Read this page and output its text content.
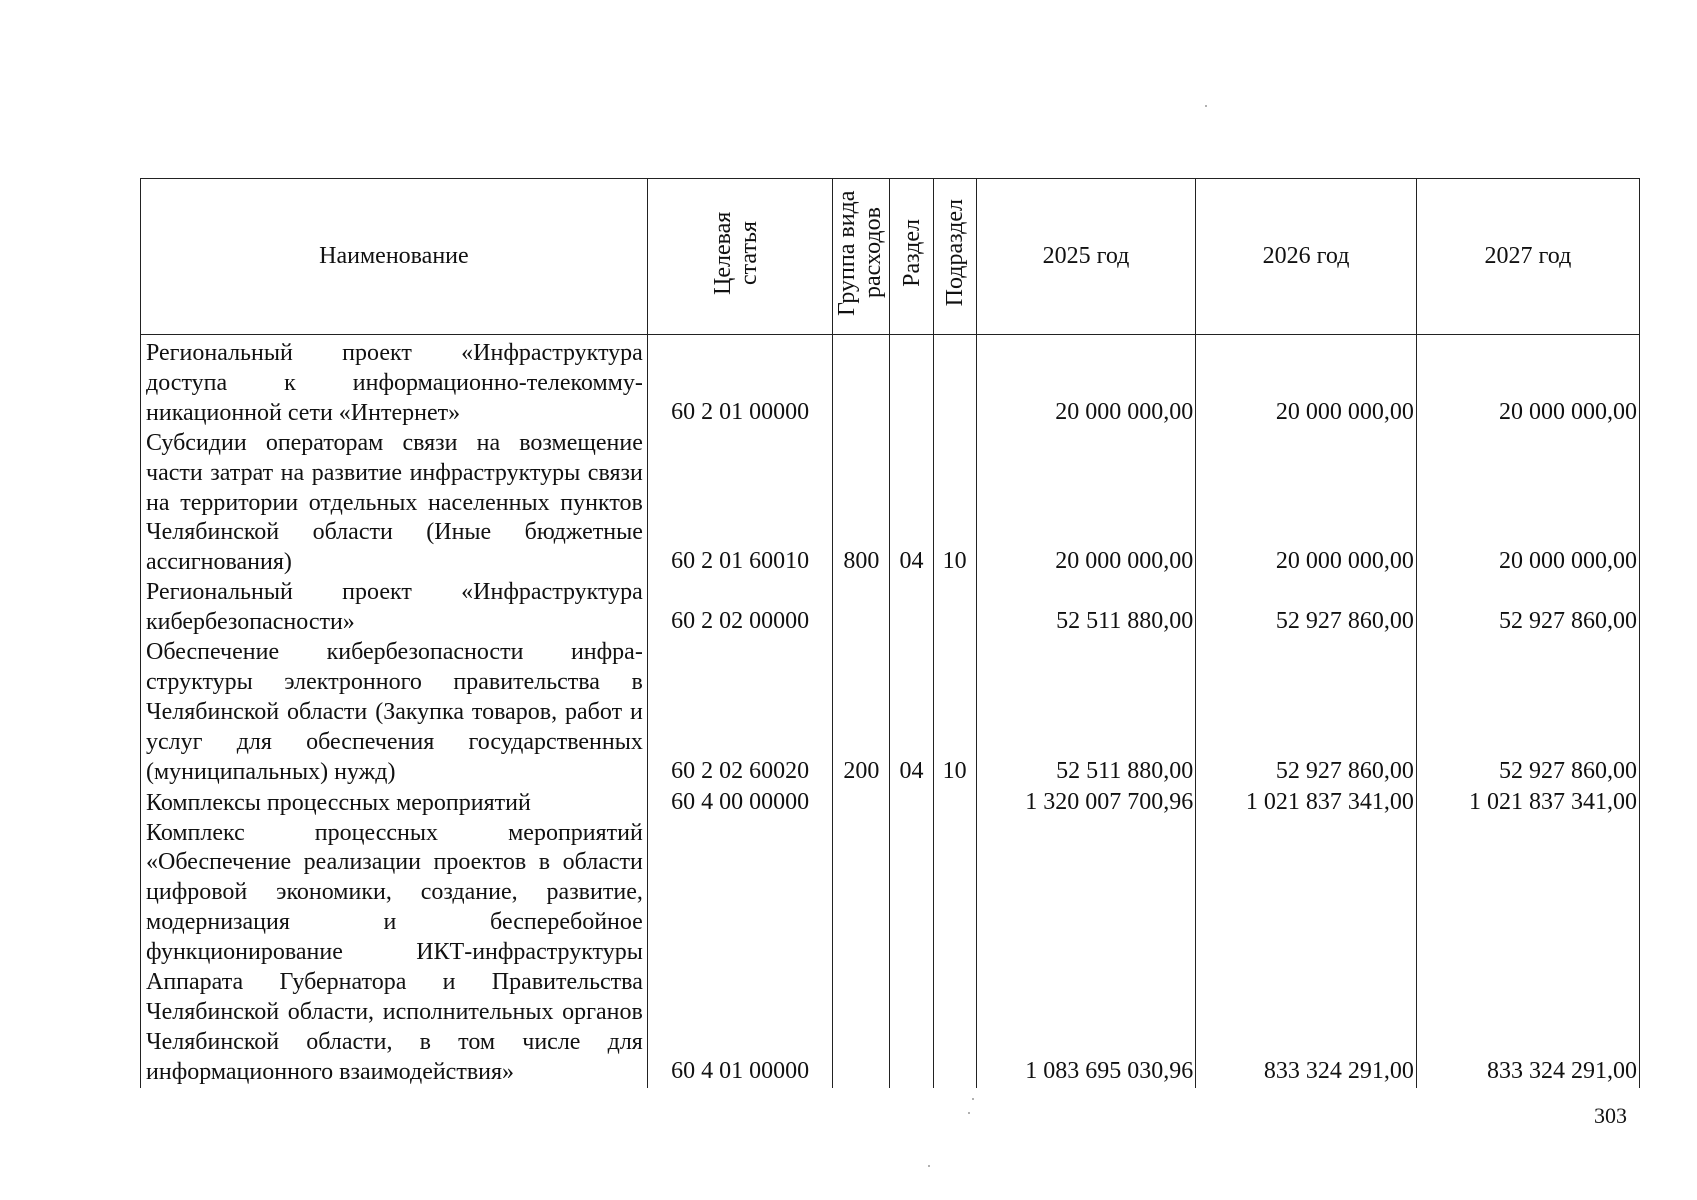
Наименование	Целевая статья	Группа вида расходов	Раздел	Подраздел	2025 год	2026 год	2027 год
Региональный проект «Инфраструктура доступа к информационно-телекоммуникационной сети «Интернет»	60 2 01 00000				20 000 000,00	20 000 000,00	20 000 000,00
Субсидии операторам связи на возмещение части затрат на развитие инфраструктуры связи на территории отдельных населенных пунктов Челябинской области (Иные бюджетные ассигнования)	60 2 01 60010	800	04	10	20 000 000,00	20 000 000,00	20 000 000,00
Региональный проект «Инфраструктура кибербезопасности»	60 2 02 00000				52 511 880,00	52 927 860,00	52 927 860,00
Обеспечение кибербезопасности инфраструктуры электронного правительства в Челябинской области (Закупка товаров, работ и услуг для обеспечения государственных (муниципальных) нужд)	60 2 02 60020	200	04	10	52 511 880,00	52 927 860,00	52 927 860,00
Комплексы процессных мероприятий	60 4 00 00000				1 320 007 700,96	1 021 837 341,00	1 021 837 341,00
Комплекс процессных мероприятий «Обеспечение реализации проектов в области цифровой экономики, создание, развитие, модернизация и бесперебойное функционирование ИКТ-инфраструктуры Аппарата Губернатора и Правительства Челябинской области, исполнительных органов Челябинской области, в том числе для информационного взаимодействия»	60 4 01 00000				1 083 695 030,96	833 324 291,00	833 324 291,00
303
